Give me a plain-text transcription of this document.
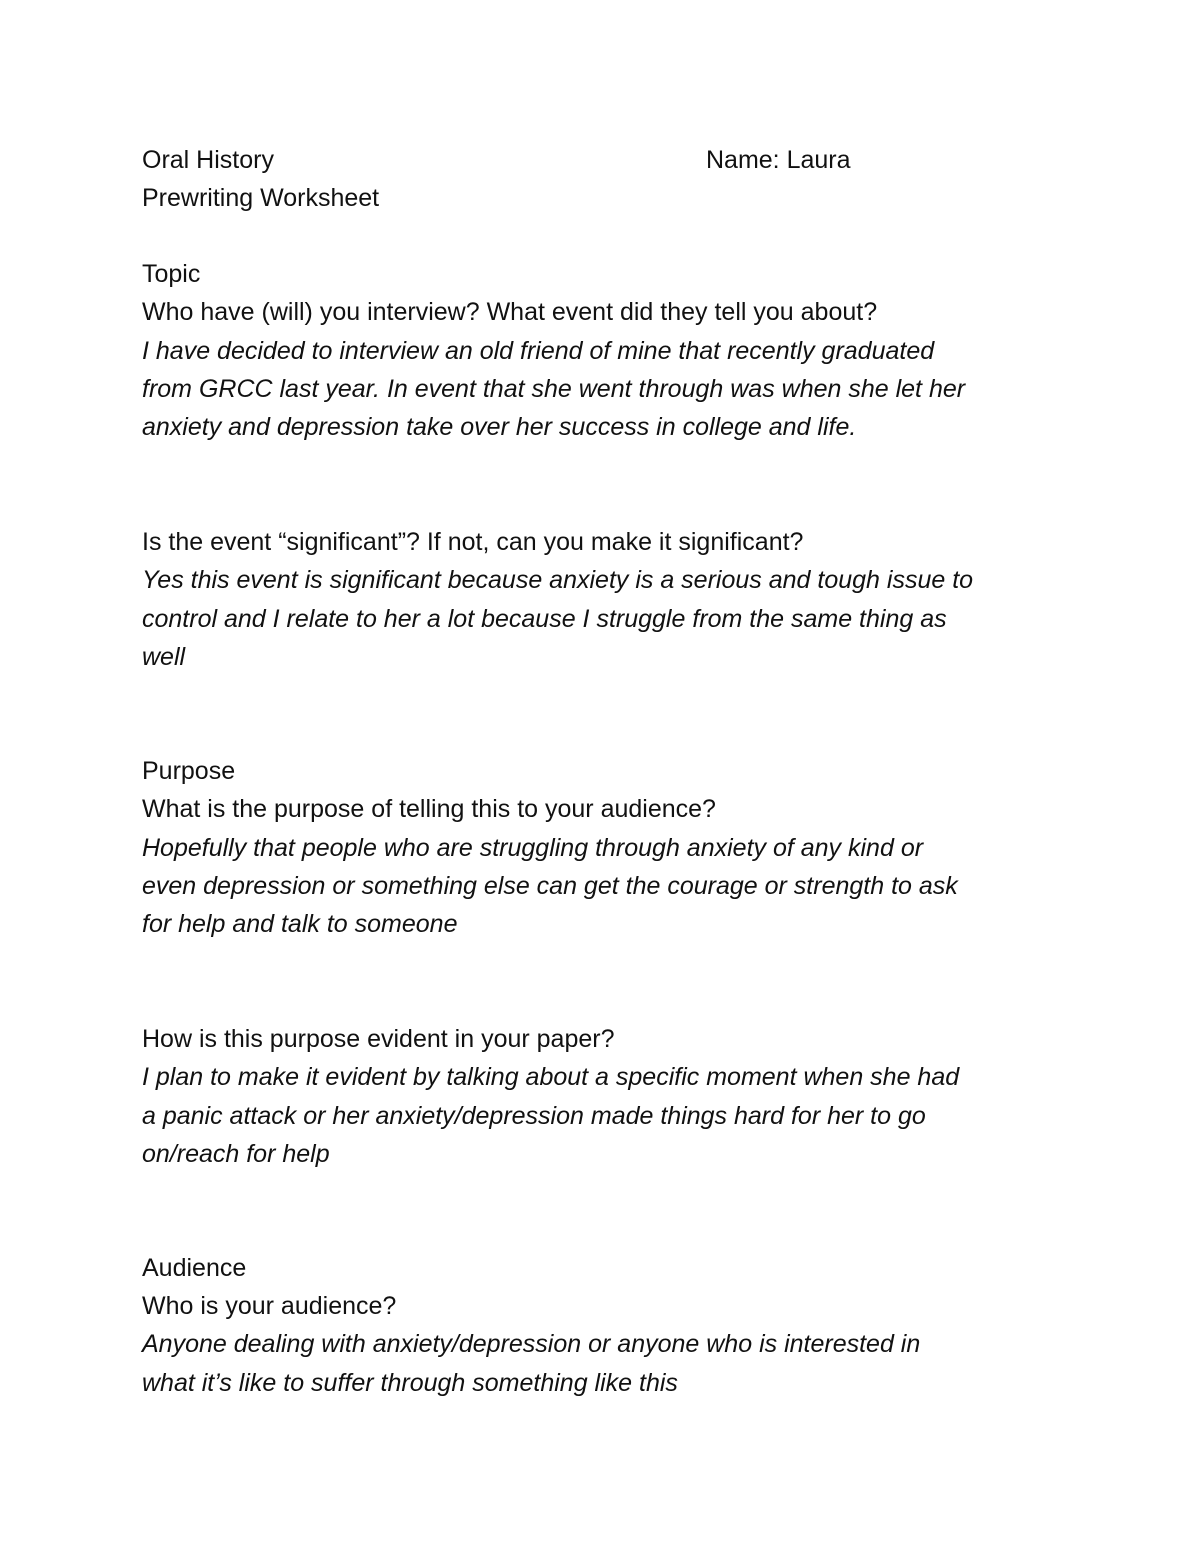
Oral History	Name: Laura
Prewriting Worksheet
Topic
Who have (will) you interview? What event did they tell you about?
I have decided to interview an old friend of mine that recently graduated
from GRCC last year. In event that she went through was when she let her
anxiety and depression take over her success in college and life.
Is the event “significant”? If not, can you make it significant?
Yes this event is significant because anxiety is a serious and tough issue to
control and I relate to her a lot because I struggle from the same thing as
well
Purpose
What is the purpose of telling this to your audience?
Hopefully that people who are struggling through anxiety of any kind or
even depression or something else can get the courage or strength to ask
for help and talk to someone
How is this purpose evident in your paper?
I plan to make it evident by talking about a specific moment when she had
a panic attack or her anxiety/depression made things hard for her to go
on/reach for help
Audience
Who is your audience?
Anyone dealing with anxiety/depression or anyone who is interested in
what it’s like to suffer through something like this
